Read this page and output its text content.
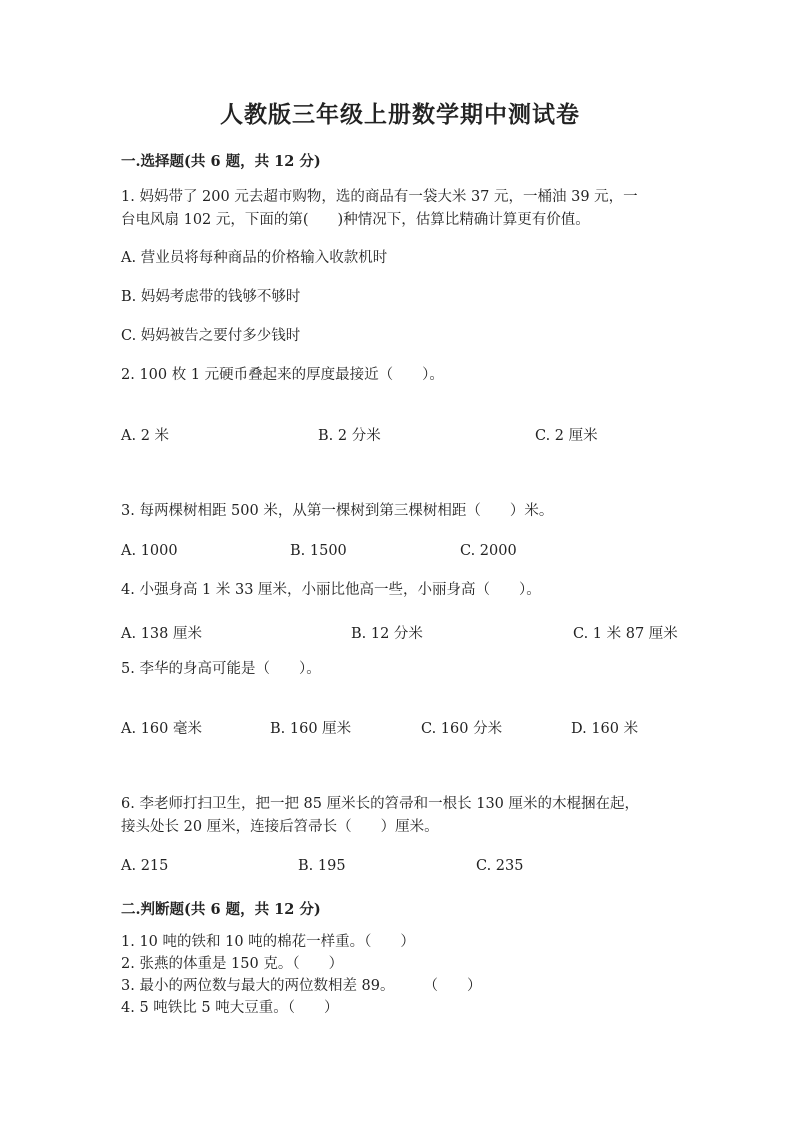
人教版三年级上册数学期中测试卷
一.选择题(共 6 题，共 12 分)
1. 妈妈带了 200 元去超市购物，选的商品有一袋大米 37 元，一桶油 39 元，一
台电风扇 102 元，下面的第(　　)种情况下，估算比精确计算更有价值。
A. 营业员将每种商品的价格输入收款机时
B. 妈妈考虑带的钱够不够时
C. 妈妈被告之要付多少钱时
2. 100 枚 1 元硬币叠起来的厚度最接近（　　）。
A. 2 米	B. 2 分米	C. 2 厘米
3. 每两棵树相距 500 米，从第一棵树到第三棵树相距（　　）米。
A. 1000	B. 1500	C. 2000
4. 小强身高 1 米 33 厘米，小丽比他高一些，小丽身高（　　）。
A. 138 厘米	B. 12 分米	C. 1 米 87 厘米
5. 李华的身高可能是（　　）。
A. 160 毫米	B. 160 厘米	C. 160 分米	D. 160 米
6. 李老师打扫卫生，把一把 85 厘米长的笤帚和一根长 130 厘米的木棍捆在起，
接头处长 20 厘米，连接后笤帚长（　　）厘米。
A. 215	B. 195	C. 235
二.判断题(共 6 题，共 12 分)
1. 10 吨的铁和 10 吨的棉花一样重。（　　）
2. 张燕的体重是 150 克。（　　）
3. 最小的两位数与最大的两位数相差 89。　　　（　　）
4. 5 吨铁比 5 吨大豆重。（　　）
